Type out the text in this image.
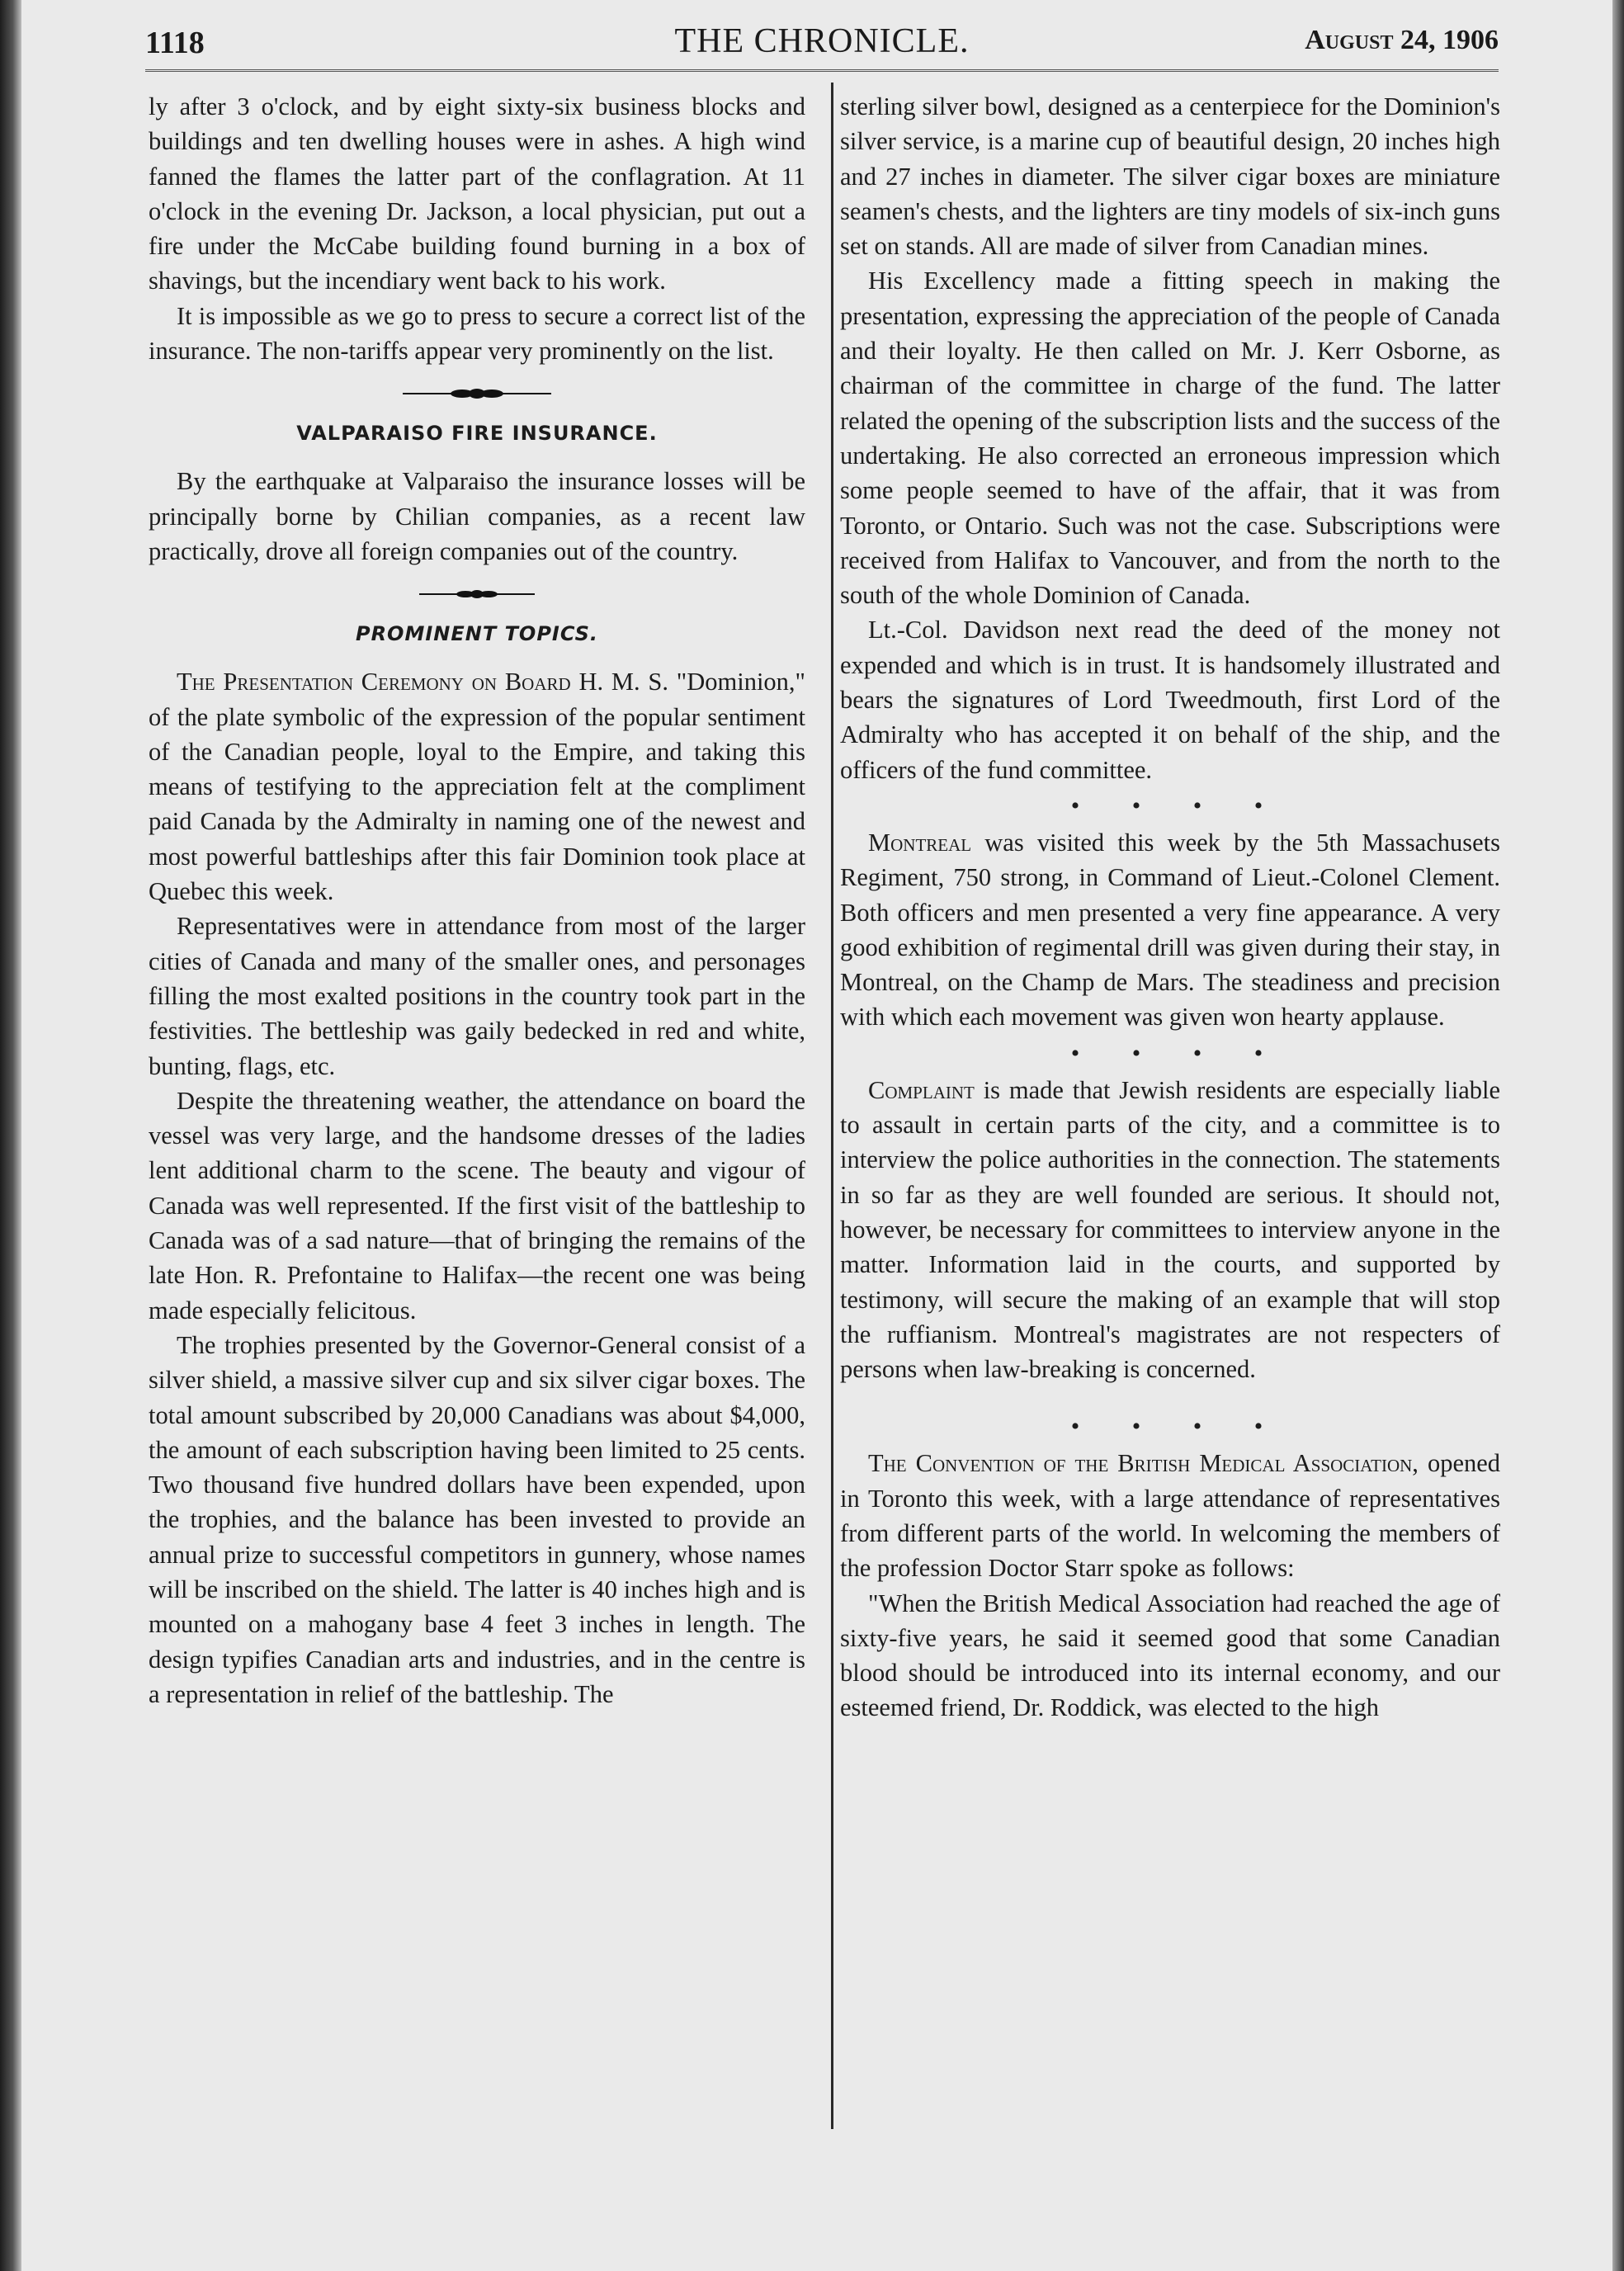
1118	THE CHRONICLE.	August 24, 1906

ly after 3 o'clock, and by eight sixty-six business blocks and buildings and ten dwelling houses were in ashes. A high wind fanned the flames the latter part of the conflagration. At 11 o'clock in the evening Dr. Jackson, a local physician, put out a fire under the McCabe building found burning in a box of shavings, but the incendiary went back to his work.

It is impossible as we go to press to secure a correct list of the insurance. The non-tariffs appear very prominently on the list.

VALPARAISO FIRE INSURANCE.

By the earthquake at Valparaiso the insurance losses will be principally borne by Chilian companies, as a recent law practically, drove all foreign companies out of the country.

PROMINENT TOPICS.

The Presentation Ceremony on Board H. M. S. "Dominion," of the plate symbolic of the expression of the popular sentiment of the Canadian people, loyal to the Empire, and taking this means of testifying to the appreciation felt at the compliment paid Canada by the Admiralty in naming one of the newest and most powerful battleships after this fair Dominion took place at Quebec this week.

Representatives were in attendance from most of the larger cities of Canada and many of the smaller ones, and personages filling the most exalted positions in the country took part in the festivities. The bettleship was gaily bedecked in red and white, bunting, flags, etc.

Despite the threatening weather, the attendance on board the vessel was very large, and the handsome dresses of the ladies lent additional charm to the scene. The beauty and vigour of Canada was well represented. If the first visit of the battleship to Canada was of a sad nature—that of bringing the remains of the late Hon. R. Prefontaine to Halifax—the recent one was being made especially felicitous.

The trophies presented by the Governor-General consist of a silver shield, a massive silver cup and six silver cigar boxes. The total amount subscribed by 20,000 Canadians was about $4,000, the amount of each subscription having been limited to 25 cents. Two thousand five hundred dollars have been expended, upon the trophies, and the balance has been invested to provide an annual prize to successful competitors in gunnery, whose names will be inscribed on the shield. The latter is 40 inches high and is mounted on a mahogany base 4 feet 3 inches in length. The design typifies Canadian arts and industries, and in the centre is a representation in relief of the battleship. The

sterling silver bowl, designed as a centerpiece for the Dominion's silver service, is a marine cup of beautiful design, 20 inches high and 27 inches in diameter. The silver cigar boxes are miniature seamen's chests, and the lighters are tiny models of six-inch guns set on stands. All are made of silver from Canadian mines.

His Excellency made a fitting speech in making the presentation, expressing the appreciation of the people of Canada and their loyalty. He then called on Mr. J. Kerr Osborne, as chairman of the committee in charge of the fund. The latter related the opening of the subscription lists and the success of the undertaking. He also corrected an erroneous impression which some people seemed to have of the affair, that it was from Toronto, or Ontario. Such was not the case. Subscriptions were received from Halifax to Vancouver, and from the north to the south of the whole Dominion of Canada.

Lt.-Col. Davidson next read the deed of the money not expended and which is in trust. It is handsomely illustrated and bears the signatures of Lord Tweedmouth, first Lord of the Admiralty who has accepted it on behalf of the ship, and the officers of the fund committee.

• • • •

Montreal was visited this week by the 5th Massachusets Regiment, 750 strong, in Command of Lieut.-Colonel Clement. Both officers and men presented a very fine appearance. A very good exhibition of regimental drill was given during their stay, in Montreal, on the Champ de Mars. The steadiness and precision with which each movement was given won hearty applause.

• • • •

Complaint is made that Jewish residents are especially liable to assault in certain parts of the city, and a committee is to interview the police authorities in the connection. The statements in so far as they are well founded are serious. It should not, however, be necessary for committees to interview anyone in the matter. Information laid in the courts, and supported by testimony, will secure the making of an example that will stop the ruffianism. Montreal's magistrates are not respecters of persons when law-breaking is concerned.

• • • •

The Convention of the British Medical Association, opened in Toronto this week, with a large attendance of representatives from different parts of the world. In welcoming the members of the profession Doctor Starr spoke as follows:

"When the British Medical Association had reached the age of sixty-five years, he said it seemed good that some Canadian blood should be introduced into its internal economy, and our esteemed friend, Dr. Roddick, was elected to the high
